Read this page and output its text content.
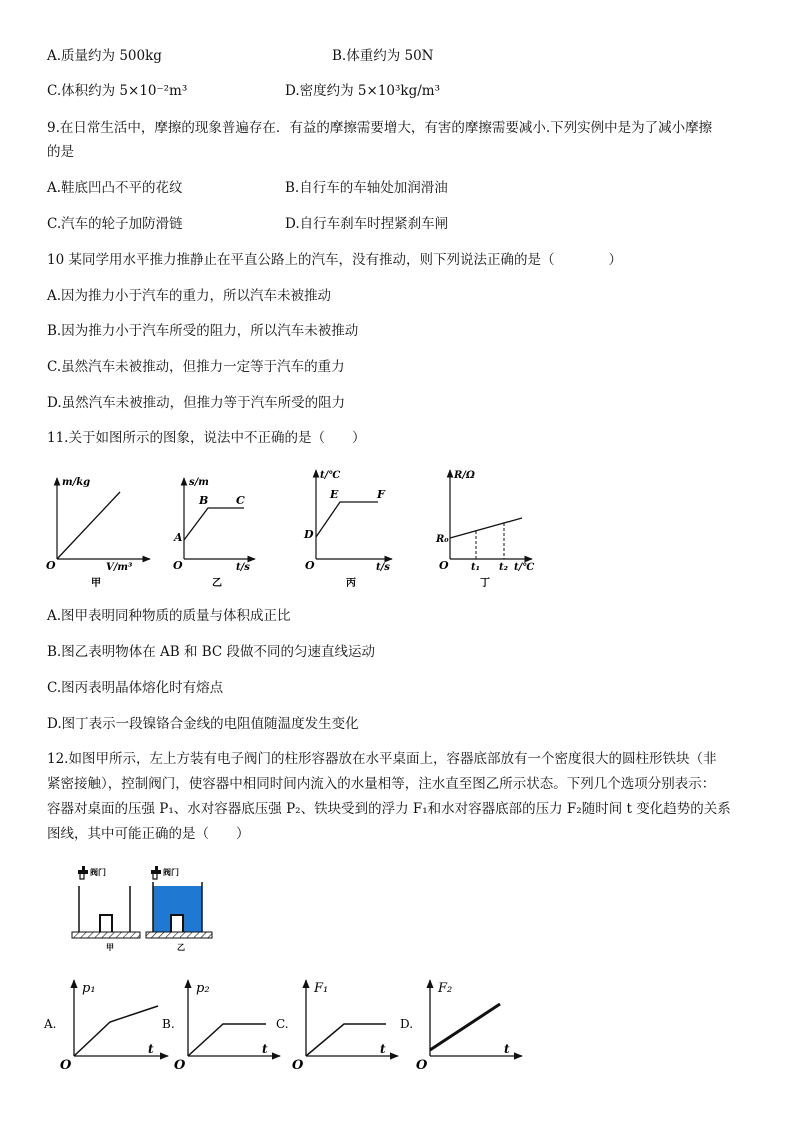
A.质量约为 500kg	B.体重约为 50N
C.体积约为 5×10⁻²m³	D.密度约为 5×10³kg/m³
9.在日常生活中，摩擦的现象普遍存在．有益的摩擦需要增大，有害的摩擦需要减小.下列实例中是为了减小摩擦
的是
A.鞋底凹凸不平的花纹	B.自行车的车轴处加润滑油
C.汽车的轮子加防滑链	D.自行车刹车时捏紧刹车闸
10 某同学用水平推力推静止在平直公路上的汽车，没有推动，则下列说法正确的是（　　　　）
A.因为推力小于汽车的重力，所以汽车未被推动
B.因为推力小于汽车所受的阻力，所以汽车未被推动
C.虽然汽车未被推动，但推力一定等于汽车的重力
D.虽然汽车未被推动，但推力等于汽车所受的阻力
11.关于如图所示的图象，说法中不正确的是（　　）
m/kg
V/m³
O
甲
s/m
t/s
O
A
B	C
乙
t/℃
t/s
O
D
E	F
丙
R/Ω
t/℃
O
R₀
t₁ t₂
丁
A.图甲表明同种物质的质量与体积成正比
B.图乙表明物体在 AB 和 BC 段做不同的匀速直线运动
C.图丙表明晶体熔化时有熔点
D.图丁表示一段镍铬合金线的电阻值随温度发生变化
12.如图甲所示，左上方装有电子阀门的柱形容器放在水平桌面上，容器底部放有一个密度很大的圆柱形铁块（非
紧密接触），控制阀门，使容器中相同时间内流入的水量相等，注水直至图乙所示状态。下列几个选项分别表示：
容器对桌面的压强 P₁、水对容器底压强 P₂、铁块受到的浮力 F₁和水对容器底部的压力 F₂随时间 t 变化趋势的关系
图线，其中可能正确的是（　　）
阀门
甲
阀门
乙
A.
p₁
t
O
B.
p₂
t
O
C.
F₁
t
O
D.
F₂
t
O
